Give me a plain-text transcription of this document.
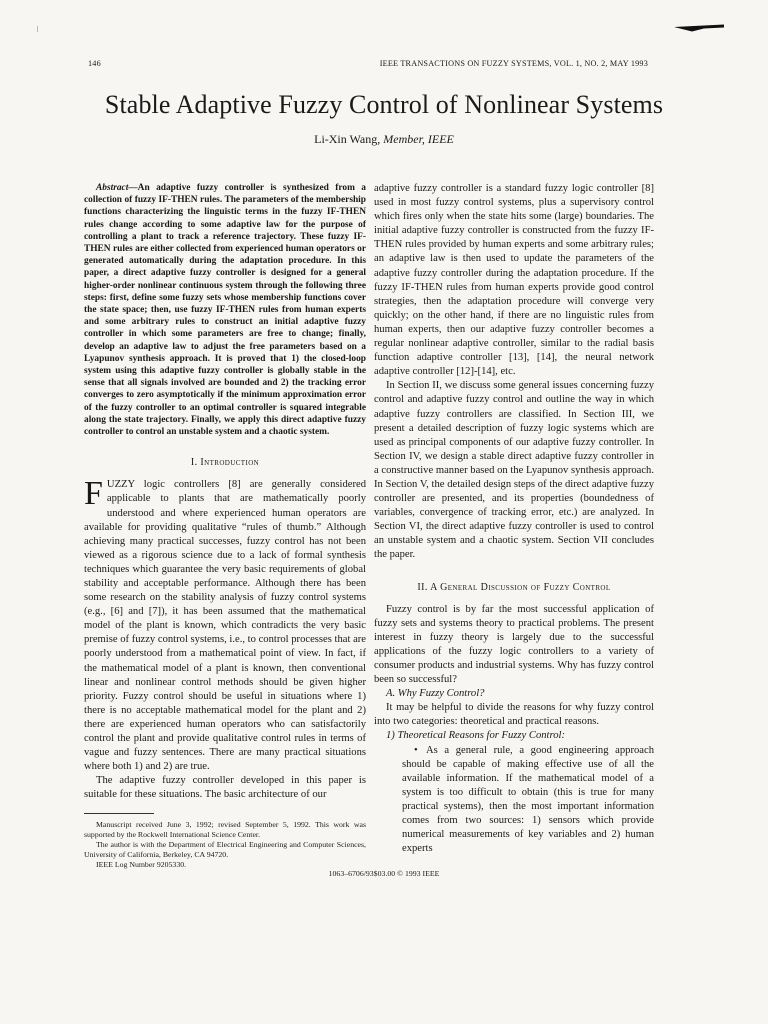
146	IEEE TRANSACTIONS ON FUZZY SYSTEMS, VOL. 1, NO. 2, MAY 1993
Stable Adaptive Fuzzy Control of Nonlinear Systems
Li-Xin Wang, Member, IEEE

Abstract—An adaptive fuzzy controller is synthesized from a collection of fuzzy IF-THEN rules. The parameters of the membership functions characterizing the linguistic terms in the fuzzy IF-THEN rules change according to some adaptive law for the purpose of controlling a plant to track a reference trajectory. These fuzzy IF-THEN rules are either collected from experienced human operators or generated automatically during the adaptation procedure. In this paper, a direct adaptive fuzzy controller is designed for a general higher-order nonlinear continuous system through the following three steps: first, define some fuzzy sets whose membership functions cover the state space; then, use fuzzy IF-THEN rules from human experts and some arbitrary rules to construct an initial adaptive fuzzy controller in which some parameters are free to change; finally, develop an adaptive law to adjust the free parameters based on a Lyapunov synthesis approach. It is proved that 1) the closed-loop system using this adaptive fuzzy controller is globally stable in the sense that all signals involved are bounded and 2) the tracking error converges to zero asymptotically if the minimum approximation error of the fuzzy controller to an optimal controller is squared integrable along the state trajectory. Finally, we apply this direct adaptive fuzzy controller to control an unstable system and a chaotic system.

I. Introduction

FUZZY logic controllers [8] are generally considered applicable to plants that are mathematically poorly understood and where experienced human operators are available for providing qualitative “rules of thumb.” Although achieving many practical successes, fuzzy control has not been viewed as a rigorous science due to a lack of formal synthesis techniques which guarantee the very basic requirements of global stability and acceptable performance. Although there has been some research on the stability analysis of fuzzy control systems (e.g., [6] and [7]), it has been assumed that the mathematical model of the plant is known, which contradicts the very basic premise of fuzzy control systems, i.e., to control processes that are poorly understood from a mathematical point of view. In fact, if the mathematical model of a plant is known, then conventional linear and nonlinear control methods should be given higher priority. Fuzzy control should be useful in situations where 1) there is no acceptable mathematical model for the plant and 2) there are experienced human operators who can satisfactorily control the plant and provide qualitative control rules in terms of vague and fuzzy sentences. There are many practical situations where both 1) and 2) are true.

The adaptive fuzzy controller developed in this paper is suitable for these situations. The basic architecture of our

Manuscript received June 3, 1992; revised September 5, 1992. This work was supported by the Rockwell International Science Center.

The author is with the Department of Electrical Engineering and Computer Sciences, University of California, Berkeley, CA 94720.

IEEE Log Number 9205330.

adaptive fuzzy controller is a standard fuzzy logic controller [8] used in most fuzzy control systems, plus a supervisory control which fires only when the state hits some (large) boundaries. The initial adaptive fuzzy controller is constructed from the fuzzy IF-THEN rules provided by human experts and some arbitrary rules; an adaptive law is then used to update the parameters of the adaptive fuzzy controller during the adaptation procedure. If the fuzzy IF-THEN rules from human experts provide good control strategies, then the adaptation procedure will converge very quickly; on the other hand, if there are no linguistic rules from human experts, then our adaptive fuzzy controller becomes a regular nonlinear adaptive controller, similar to the radial basis function adaptive controller [13], [14], the neural network adaptive controller [12]-[14], etc.

In Section II, we discuss some general issues concerning fuzzy control and adaptive fuzzy control and outline the way in which adaptive fuzzy controllers are classified. In Section III, we present a detailed description of fuzzy logic systems which are used as principal components of our adaptive fuzzy controller. In Section IV, we design a stable direct adaptive fuzzy controller in a constructive manner based on the Lyapunov synthesis approach. In Section V, the detailed design steps of the direct adaptive fuzzy controller are presented, and its properties (boundedness of variables, convergence of tracking error, etc.) are analyzed. In Section VI, the direct adaptive fuzzy controller is used to control an unstable system and a chaotic system. Section VII concludes the paper.

II. A General Discussion of Fuzzy Control

Fuzzy control is by far the most successful application of fuzzy sets and systems theory to practical problems. The present interest in fuzzy theory is largely due to the successful applications of the fuzzy logic controllers to a variety of consumer products and industrial systems. Why has fuzzy control been so successful?

A. Why Fuzzy Control?

It may be helpful to divide the reasons for why fuzzy control into two categories: theoretical and practical reasons.

1) Theoretical Reasons for Fuzzy Control:

• As a general rule, a good engineering approach should be capable of making effective use of all the available information. If the mathematical model of a system is too difficult to obtain (this is true for many practical systems), then the most important information comes from two sources: 1) sensors which provide numerical measurements of key variables and 2) human experts

1063–6706/93$03.00 © 1993 IEEE
